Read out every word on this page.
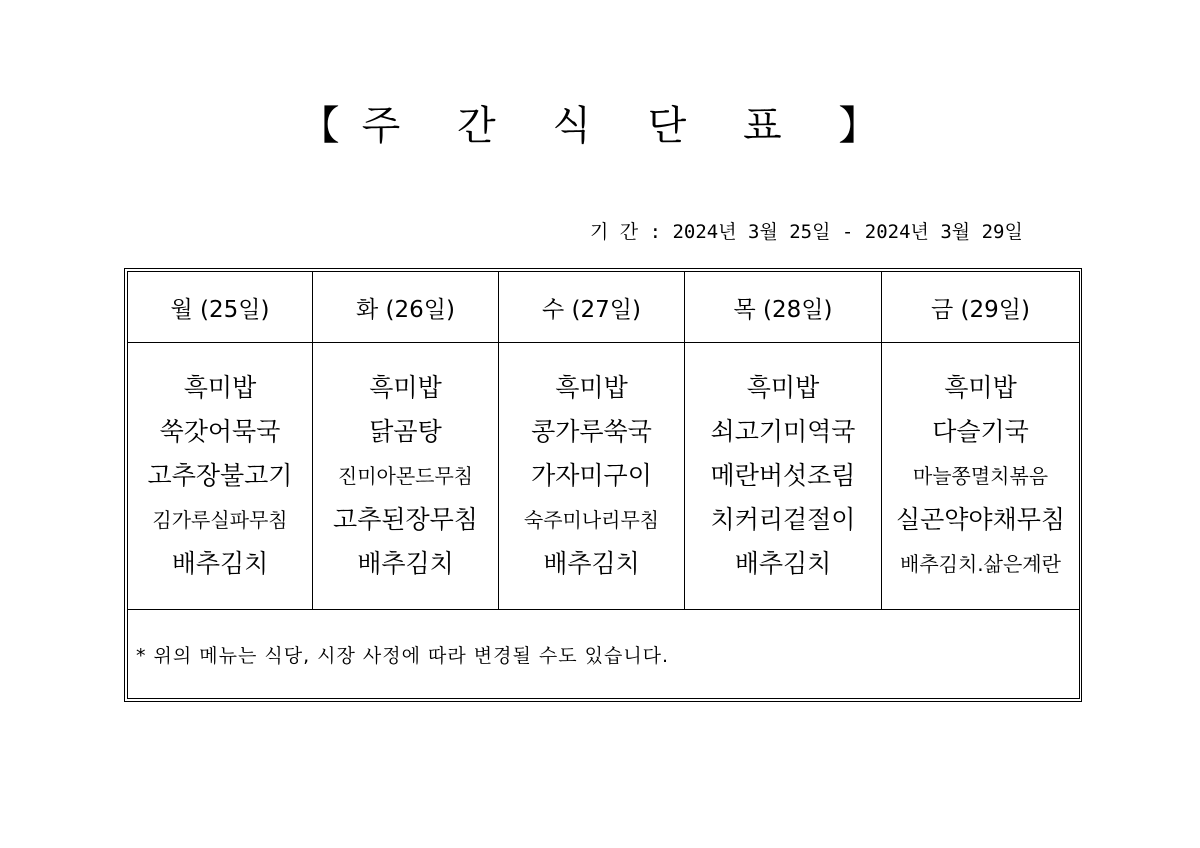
【주 간 식 단 표 】
기 간 : 2024년 3월 25일 - 2024년 3월 29일
월 (25일)	화 (26일)	수 (27일)	목 (28일)	금 (29일)

흑미밥
쑥갓어묵국
고추장불고기
김가루실파무침
배추김치	흑미밥
닭곰탕
진미아몬드무침
고추된장무침
배추김치	흑미밥
콩가루쑥국
가자미구이
숙주미나리무침
배추김치	흑미밥
쇠고기미역국
메란버섯조림
치커리겉절이
배추김치	흑미밥
다슬기국
마늘쫑멸치볶음
실곤약야채무침
배추김치.삶은계란

* 위의 메뉴는 식당, 시장 사정에 따라 변경될 수도 있습니다.				
